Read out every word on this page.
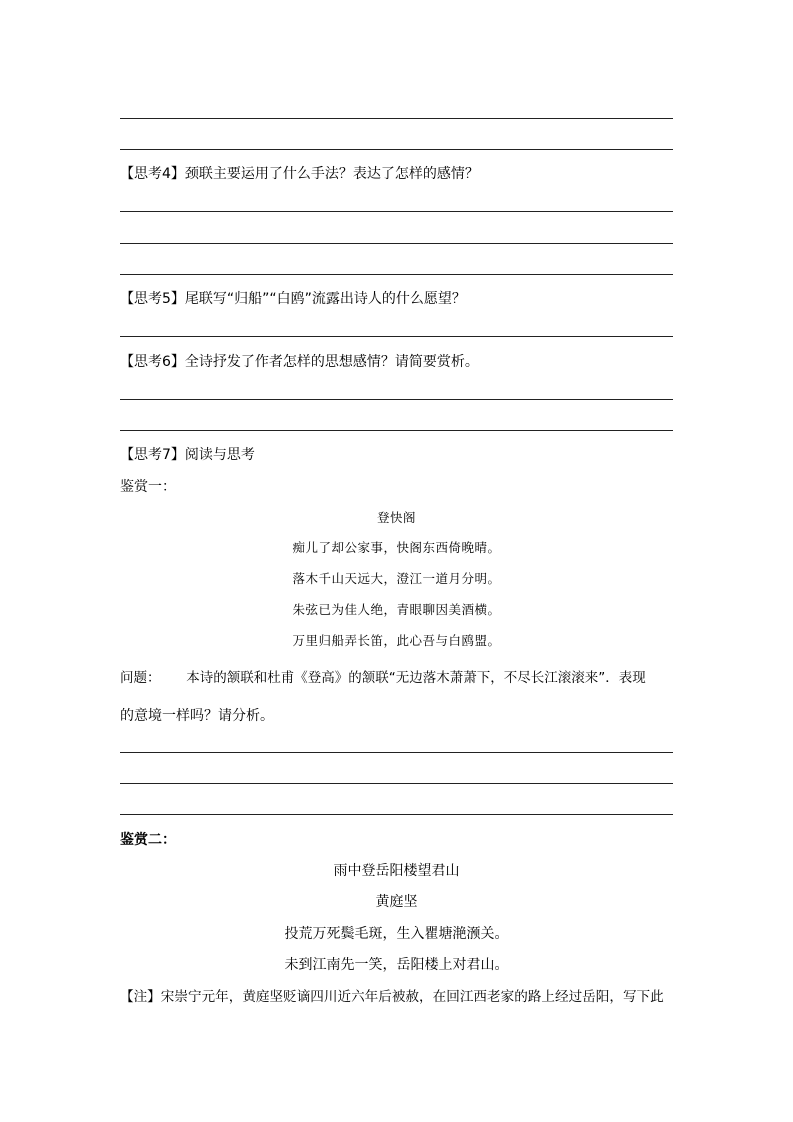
【思考4】颈联主要运用了什么手法？表达了怎样的感情？
【思考5】尾联写“归船”“白鸥”流露出诗人的什么愿望？
【思考6】全诗抒发了作者怎样的思想感情？请简要赏析。
【思考7】阅读与思考
鉴赏一：
登快阁
痴儿了却公家事，快阁东西倚晚晴。
落木千山天远大，澄江一道月分明。
朱弦已为佳人绝，青眼聊因美酒横。
万里归船弄长笛，此心吾与白鸥盟。
问题：      本诗的颔联和杜甫《登高》的颔联“无边落木萧萧下，不尽长江滚滚来”．表现
的意境一样吗？请分析。
鉴赏二：
雨中登岳阳楼望君山
黄庭坚
投荒万死鬓毛斑，生入瞿塘滟滪关。
未到江南先一笑，岳阳楼上对君山。
【注】宋崇宁元年，黄庭坚贬谪四川近六年后被赦，在回江西老家的路上经过岳阳，写下此
